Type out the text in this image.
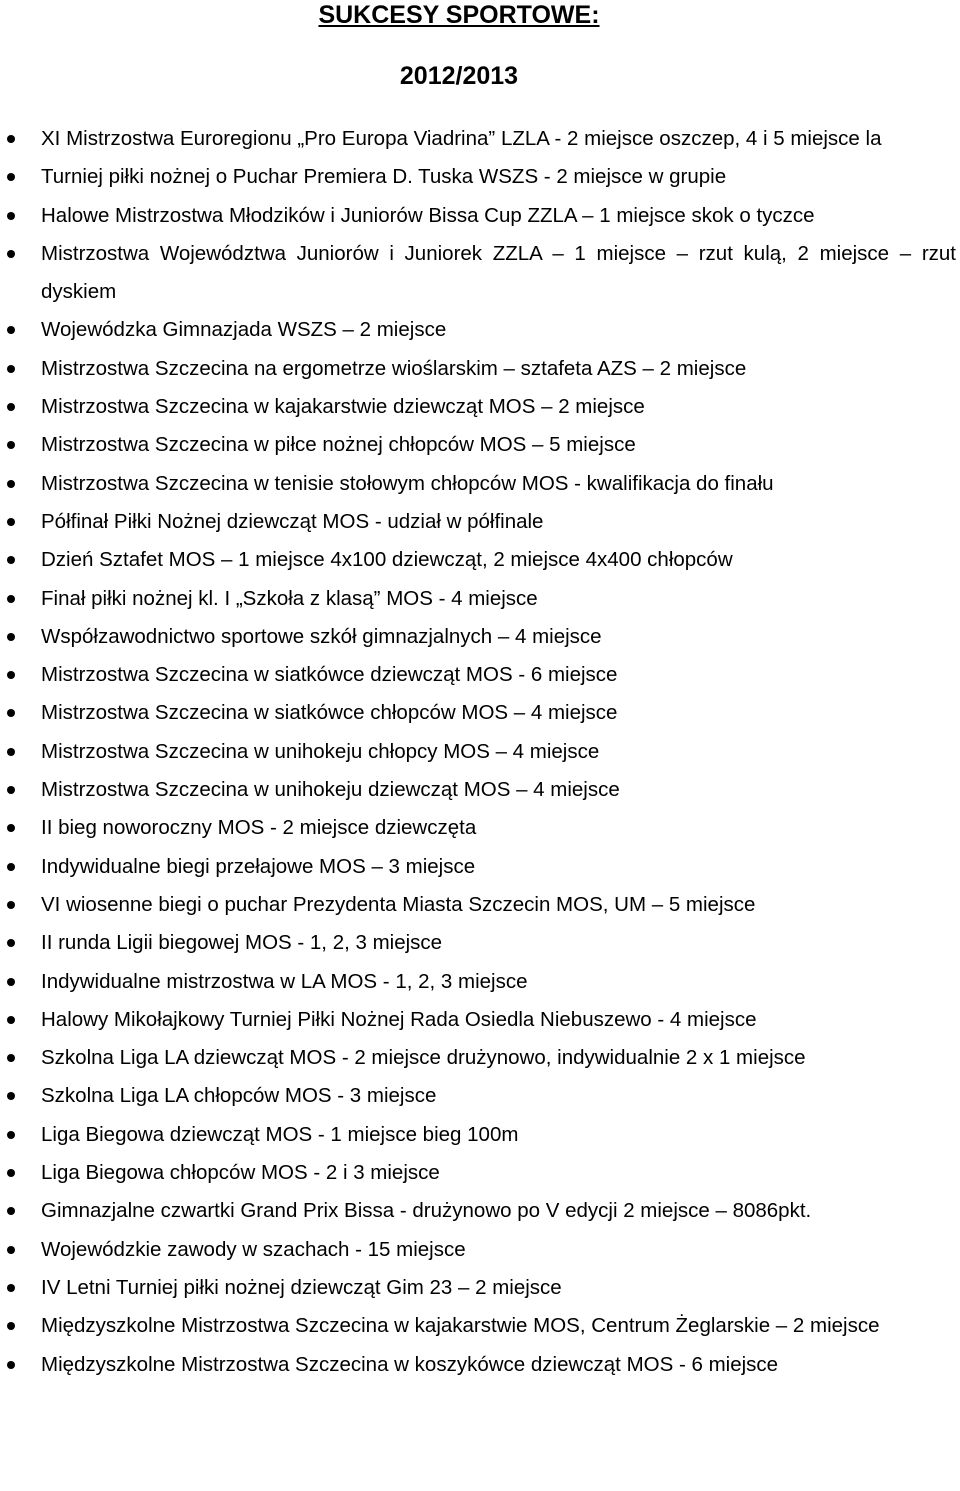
SUKCESY SPORTOWE:
2012/2013
XI Mistrzostwa Euroregionu „Pro Europa Viadrina” LZLA - 2 miejsce oszczep, 4 i 5 miejsce la
Turniej piłki nożnej o Puchar Premiera D. Tuska WSZS - 2 miejsce w grupie
Halowe Mistrzostwa Młodzików i Juniorów Bissa Cup ZZLA – 1 miejsce skok o tyczce
Mistrzostwa Województwa Juniorów i Juniorek ZZLA – 1 miejsce – rzut kulą, 2 miejsce – rzut dyskiem
Wojewódzka Gimnazjada WSZS – 2 miejsce
Mistrzostwa Szczecina na ergometrze wioślarskim – sztafeta AZS – 2 miejsce
Mistrzostwa Szczecina w kajakarstwie dziewcząt MOS – 2 miejsce
Mistrzostwa Szczecina w piłce nożnej chłopców MOS – 5 miejsce
Mistrzostwa Szczecina w tenisie stołowym chłopców MOS - kwalifikacja do finału
Półfinał Piłki Nożnej dziewcząt MOS - udział w półfinale
Dzień Sztafet MOS – 1 miejsce 4x100 dziewcząt, 2 miejsce 4x400 chłopców
Finał piłki nożnej kl. I „Szkoła z klasą” MOS - 4 miejsce
Współzawodnictwo sportowe szkół gimnazjalnych – 4 miejsce
Mistrzostwa Szczecina w siatkówce dziewcząt MOS - 6 miejsce
Mistrzostwa Szczecina w siatkówce chłopców MOS – 4 miejsce
Mistrzostwa Szczecina w unihokeju chłopcy MOS – 4 miejsce
Mistrzostwa Szczecina w unihokeju dziewcząt MOS – 4 miejsce
II bieg noworoczny MOS - 2 miejsce dziewczęta
Indywidualne biegi przełajowe MOS – 3 miejsce
VI wiosenne biegi o puchar Prezydenta Miasta Szczecin MOS, UM – 5 miejsce
II runda Ligii biegowej MOS - 1, 2, 3 miejsce
Indywidualne mistrzostwa w LA MOS - 1, 2, 3 miejsce
Halowy Mikołajkowy Turniej Piłki Nożnej Rada Osiedla Niebuszewo - 4 miejsce
Szkolna Liga LA dziewcząt MOS - 2 miejsce drużynowo, indywidualnie 2 x 1 miejsce
Szkolna Liga LA chłopców MOS - 3 miejsce
Liga Biegowa dziewcząt MOS - 1 miejsce bieg 100m
Liga Biegowa chłopców MOS - 2 i 3 miejsce
Gimnazjalne czwartki Grand Prix Bissa - drużynowo po V edycji 2 miejsce – 8086pkt.
Wojewódzkie zawody w szachach - 15 miejsce
IV Letni Turniej piłki nożnej dziewcząt Gim 23 – 2 miejsce
Międzyszkolne Mistrzostwa Szczecina w kajakarstwie MOS, Centrum Żeglarskie – 2 miejsce
Międzyszkolne Mistrzostwa Szczecina w koszykówce dziewcząt MOS - 6 miejsce
